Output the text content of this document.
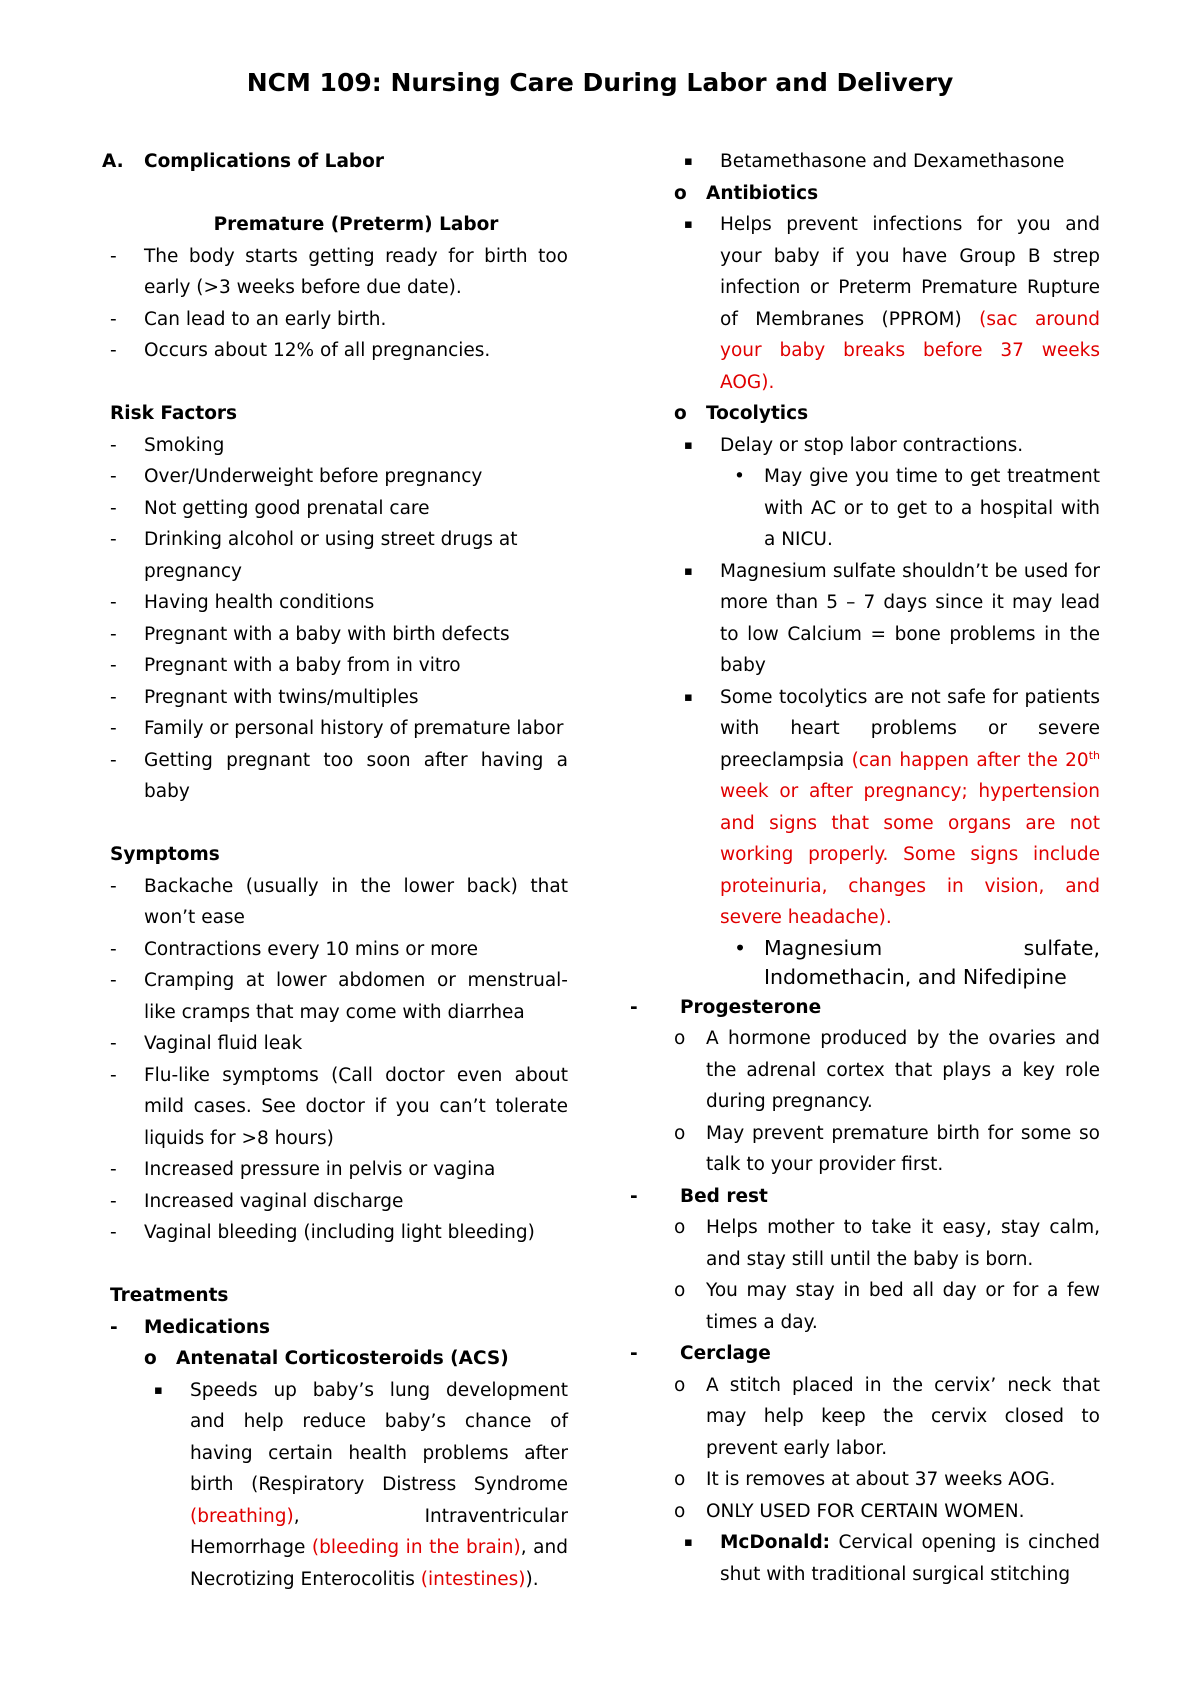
NCM 109: Nursing Care During Labor and Delivery
A. Complications of Labor
Premature (Preterm) Labor
- The body starts getting ready for birth too early (>3 weeks before due date).
- Can lead to an early birth.
- Occurs about 12% of all pregnancies.
Risk Factors
- Smoking
- Over/Underweight before pregnancy
- Not getting good prenatal care
- Drinking alcohol or using street drugs at pregnancy
- Having health conditions
- Pregnant with a baby with birth defects
- Pregnant with a baby from in vitro
- Pregnant with twins/multiples
- Family or personal history of premature labor
- Getting pregnant too soon after having a baby
Symptoms
- Backache (usually in the lower back) that won’t ease
- Contractions every 10 mins or more
- Cramping at lower abdomen or menstrual-like cramps that may come with diarrhea
- Vaginal fluid leak
- Flu-like symptoms (Call doctor even about mild cases. See doctor if you can’t tolerate liquids for >8 hours)
- Increased pressure in pelvis or vagina
- Increased vaginal discharge
- Vaginal bleeding (including light bleeding)
Treatments
- Medications
o Antenatal Corticosteroids (ACS)
▪ Speeds up baby’s lung development and help reduce baby’s chance of having certain health problems after birth (Respiratory Distress Syndrome (breathing), Intraventricular Hemorrhage (bleeding in the brain), and Necrotizing Enterocolitis (intestines)).
▪ Betamethasone and Dexamethasone
o Antibiotics
▪ Helps prevent infections for you and your baby if you have Group B strep infection or Preterm Premature Rupture of Membranes (PPROM) (sac around your baby breaks before 37 weeks AOG).
o Tocolytics
▪ Delay or stop labor contractions.
• May give you time to get treatment with AC or to get to a hospital with a NICU.
▪ Magnesium sulfate shouldn’t be used for more than 5 – 7 days since it may lead to low Calcium = bone problems in the baby
▪ Some tocolytics are not safe for patients with heart problems or severe preeclampsia (can happen after the 20th week or after pregnancy; hypertension and signs that some organs are not working properly. Some signs include proteinuria, changes in vision, and severe headache).
• Magnesium sulfate, Indomethacin, and Nifedipine
- Progesterone
o A hormone produced by the ovaries and the adrenal cortex that plays a key role during pregnancy.
o May prevent premature birth for some so talk to your provider first.
- Bed rest
o Helps mother to take it easy, stay calm, and stay still until the baby is born.
o You may stay in bed all day or for a few times a day.
- Cerclage
o A stitch placed in the cervix’ neck that may help keep the cervix closed to prevent early labor.
o It is removes at about 37 weeks AOG.
o ONLY USED FOR CERTAIN WOMEN.
▪ McDonald: Cervical opening is cinched shut with traditional surgical stitching
